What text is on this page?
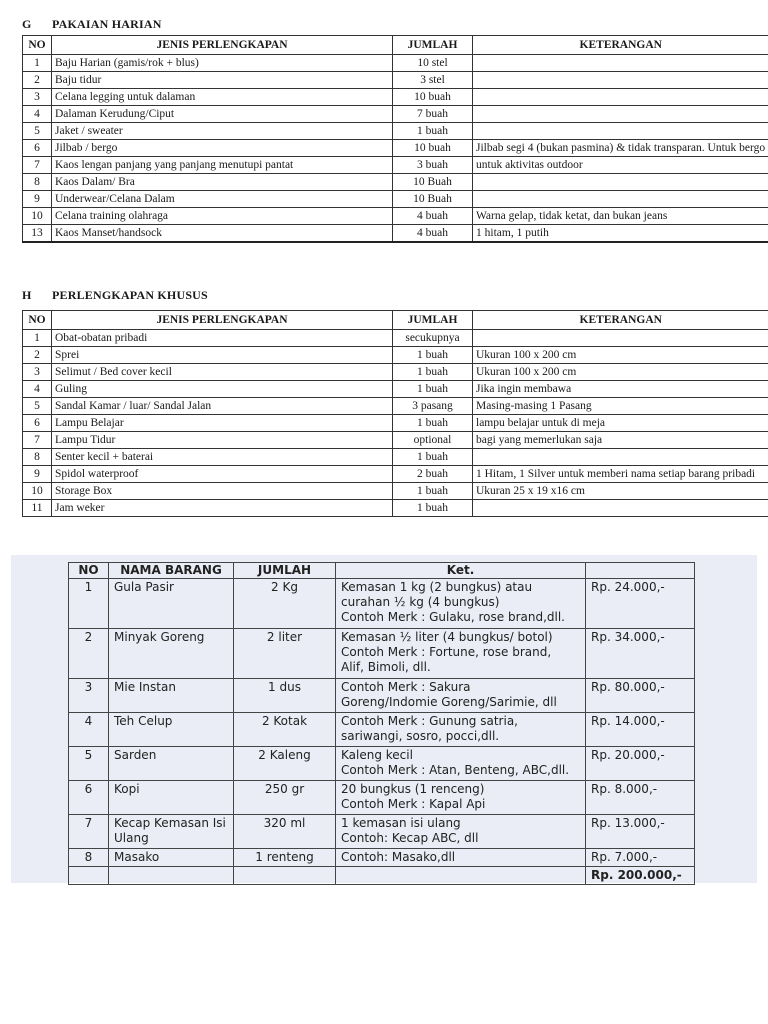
G PAKAIAN HARIAN
NO	JENIS PERLENGKAPAN	JUMLAH	KETERANGAN
1	Baju Harian (gamis/rok + blus)	10 stel	
2	Baju tidur	3 stel	
3	Celana legging untuk dalaman	10 buah	
4	Dalaman Kerudung/Ciput	7 buah	
5	Jaket / sweater	1 buah	
6	Jilbab / bergo	10 buah	Jilbab segi 4 (bukan pasmina) & tidak transparan. Untuk bergo
7	Kaos lengan panjang yang panjang menutupi pantat	3 buah	untuk aktivitas outdoor
8	Kaos Dalam/ Bra	10 Buah	
9	Underwear/Celana Dalam	10 Buah	
10	Celana training olahraga	4 buah	Warna gelap, tidak ketat, dan bukan jeans
13	Kaos Manset/handsock	4 buah	1 hitam, 1 putih
H PERLENGKAPAN KHUSUS
NO	JENIS PERLENGKAPAN	JUMLAH	KETERANGAN
1	Obat-obatan pribadi	secukupnya	
2	Sprei	1 buah	Ukuran 100 x 200 cm
3	Selimut / Bed cover kecil	1 buah	Ukuran 100 x 200 cm
4	Guling	1 buah	Jika ingin membawa
5	Sandal Kamar / luar/ Sandal Jalan	3 pasang	Masing-masing 1 Pasang
6	Lampu Belajar	1 buah	lampu belajar untuk di meja
7	Lampu Tidur	optional	bagi yang memerlukan saja
8	Senter kecil + baterai	1 buah	
9	Spidol waterproof	2 buah	1 Hitam, 1 Silver untuk memberi nama setiap barang pribadi
10	Storage Box	1 buah	Ukuran 25 x 19 x16 cm
11	Jam weker	1 buah	
NO	NAMA BARANG	JUMLAH	Ket.	
1	Gula Pasir	2 Kg	Kemasan 1 kg (2 bungkus) atau
curahan ½ kg (4 bungkus)
Contoh Merk : Gulaku, rose brand,dll.	Rp. 24.000,-
2	Minyak Goreng	2 liter	Kemasan ½ liter (4 bungkus/ botol)
Contoh Merk : Fortune, rose brand,
Alif, Bimoli, dll.	Rp. 34.000,-
3	Mie Instan	1 dus	Contoh Merk : Sakura
Goreng/Indomie Goreng/Sarimie, dll	Rp. 80.000,-
4	Teh Celup	2 Kotak	Contoh Merk : Gunung satria,
sariwangi, sosro, pocci,dll.	Rp. 14.000,-
5	Sarden	2 Kaleng	Kaleng kecil
Contoh Merk : Atan, Benteng, ABC,dll.	Rp. 20.000,-
6	Kopi	250 gr	20 bungkus (1 renceng)
Contoh Merk : Kapal Api	Rp. 8.000,-
7	Kecap Kemasan Isi Ulang	320 ml	1 kemasan isi ulang
Contoh: Kecap ABC, dll	Rp. 13.000,-
8	Masako	1 renteng	Contoh: Masako,dll	Rp. 7.000,-
				Rp. 200.000,-
